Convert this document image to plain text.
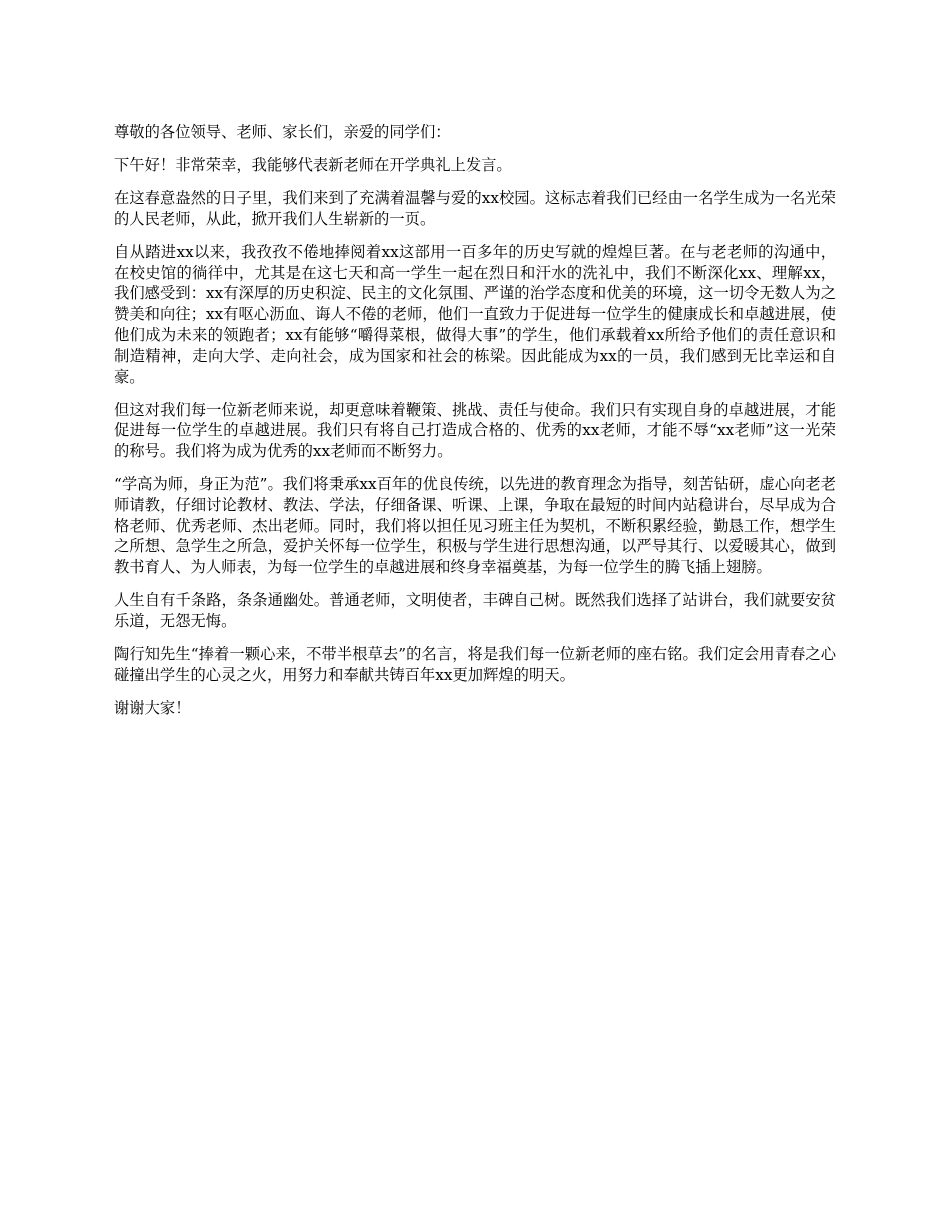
尊敬的各位领导、老师、家长们，亲爱的同学们：

下午好！非常荣幸，我能够代表新老师在开学典礼上发言。

在这春意盎然的日子里，我们来到了充满着温馨与爱的xx校园。这标志着我们已经由一名学生成为一名光荣的人民老师，从此，掀开我们人生崭新的一页。

自从踏进xx以来，我孜孜不倦地捧阅着xx这部用一百多年的历史写就的煌煌巨著。在与老老师的沟通中，在校史馆的徜徉中，尤其是在这七天和高一学生一起在烈日和汗水的洗礼中，我们不断深化xx、理解xx，我们感受到：xx有深厚的历史积淀、民主的文化氛围、严谨的治学态度和优美的环境，这一切令无数人为之赞美和向往；xx有呕心沥血、诲人不倦的老师，他们一直致力于促进每一位学生的健康成长和卓越进展，使他们成为未来的领跑者；xx有能够“嚼得菜根，做得大事”的学生，他们承载着xx所给予他们的责任意识和制造精神，走向大学、走向社会，成为国家和社会的栋梁。因此能成为xx的一员，我们感到无比幸运和自豪。

但这对我们每一位新老师来说，却更意味着鞭策、挑战、责任与使命。我们只有实现自身的卓越进展，才能促进每一位学生的卓越进展。我们只有将自己打造成合格的、优秀的xx老师，才能不辱“xx老师”这一光荣的称号。我们将为成为优秀的xx老师而不断努力。

“学高为师，身正为范”。我们将秉承xx百年的优良传统，以先进的教育理念为指导，刻苦钻研，虚心向老老师请教，仔细讨论教材、教法、学法，仔细备课、听课、上课，争取在最短的时间内站稳讲台，尽早成为合格老师、优秀老师、杰出老师。同时，我们将以担任见习班主任为契机，不断积累经验，勤恳工作，想学生之所想、急学生之所急，爱护关怀每一位学生，积极与学生进行思想沟通，以严导其行、以爱暖其心，做到教书育人、为人师表，为每一位学生的卓越进展和终身幸福奠基，为每一位学生的腾飞插上翅膀。

人生自有千条路，条条通幽处。普通老师，文明使者，丰碑自己树。既然我们选择了站讲台，我们就要安贫乐道，无怨无悔。

陶行知先生“捧着一颗心来，不带半根草去”的名言，将是我们每一位新老师的座右铭。我们定会用青春之心碰撞出学生的心灵之火，用努力和奉献共铸百年xx更加辉煌的明天。

谢谢大家！
